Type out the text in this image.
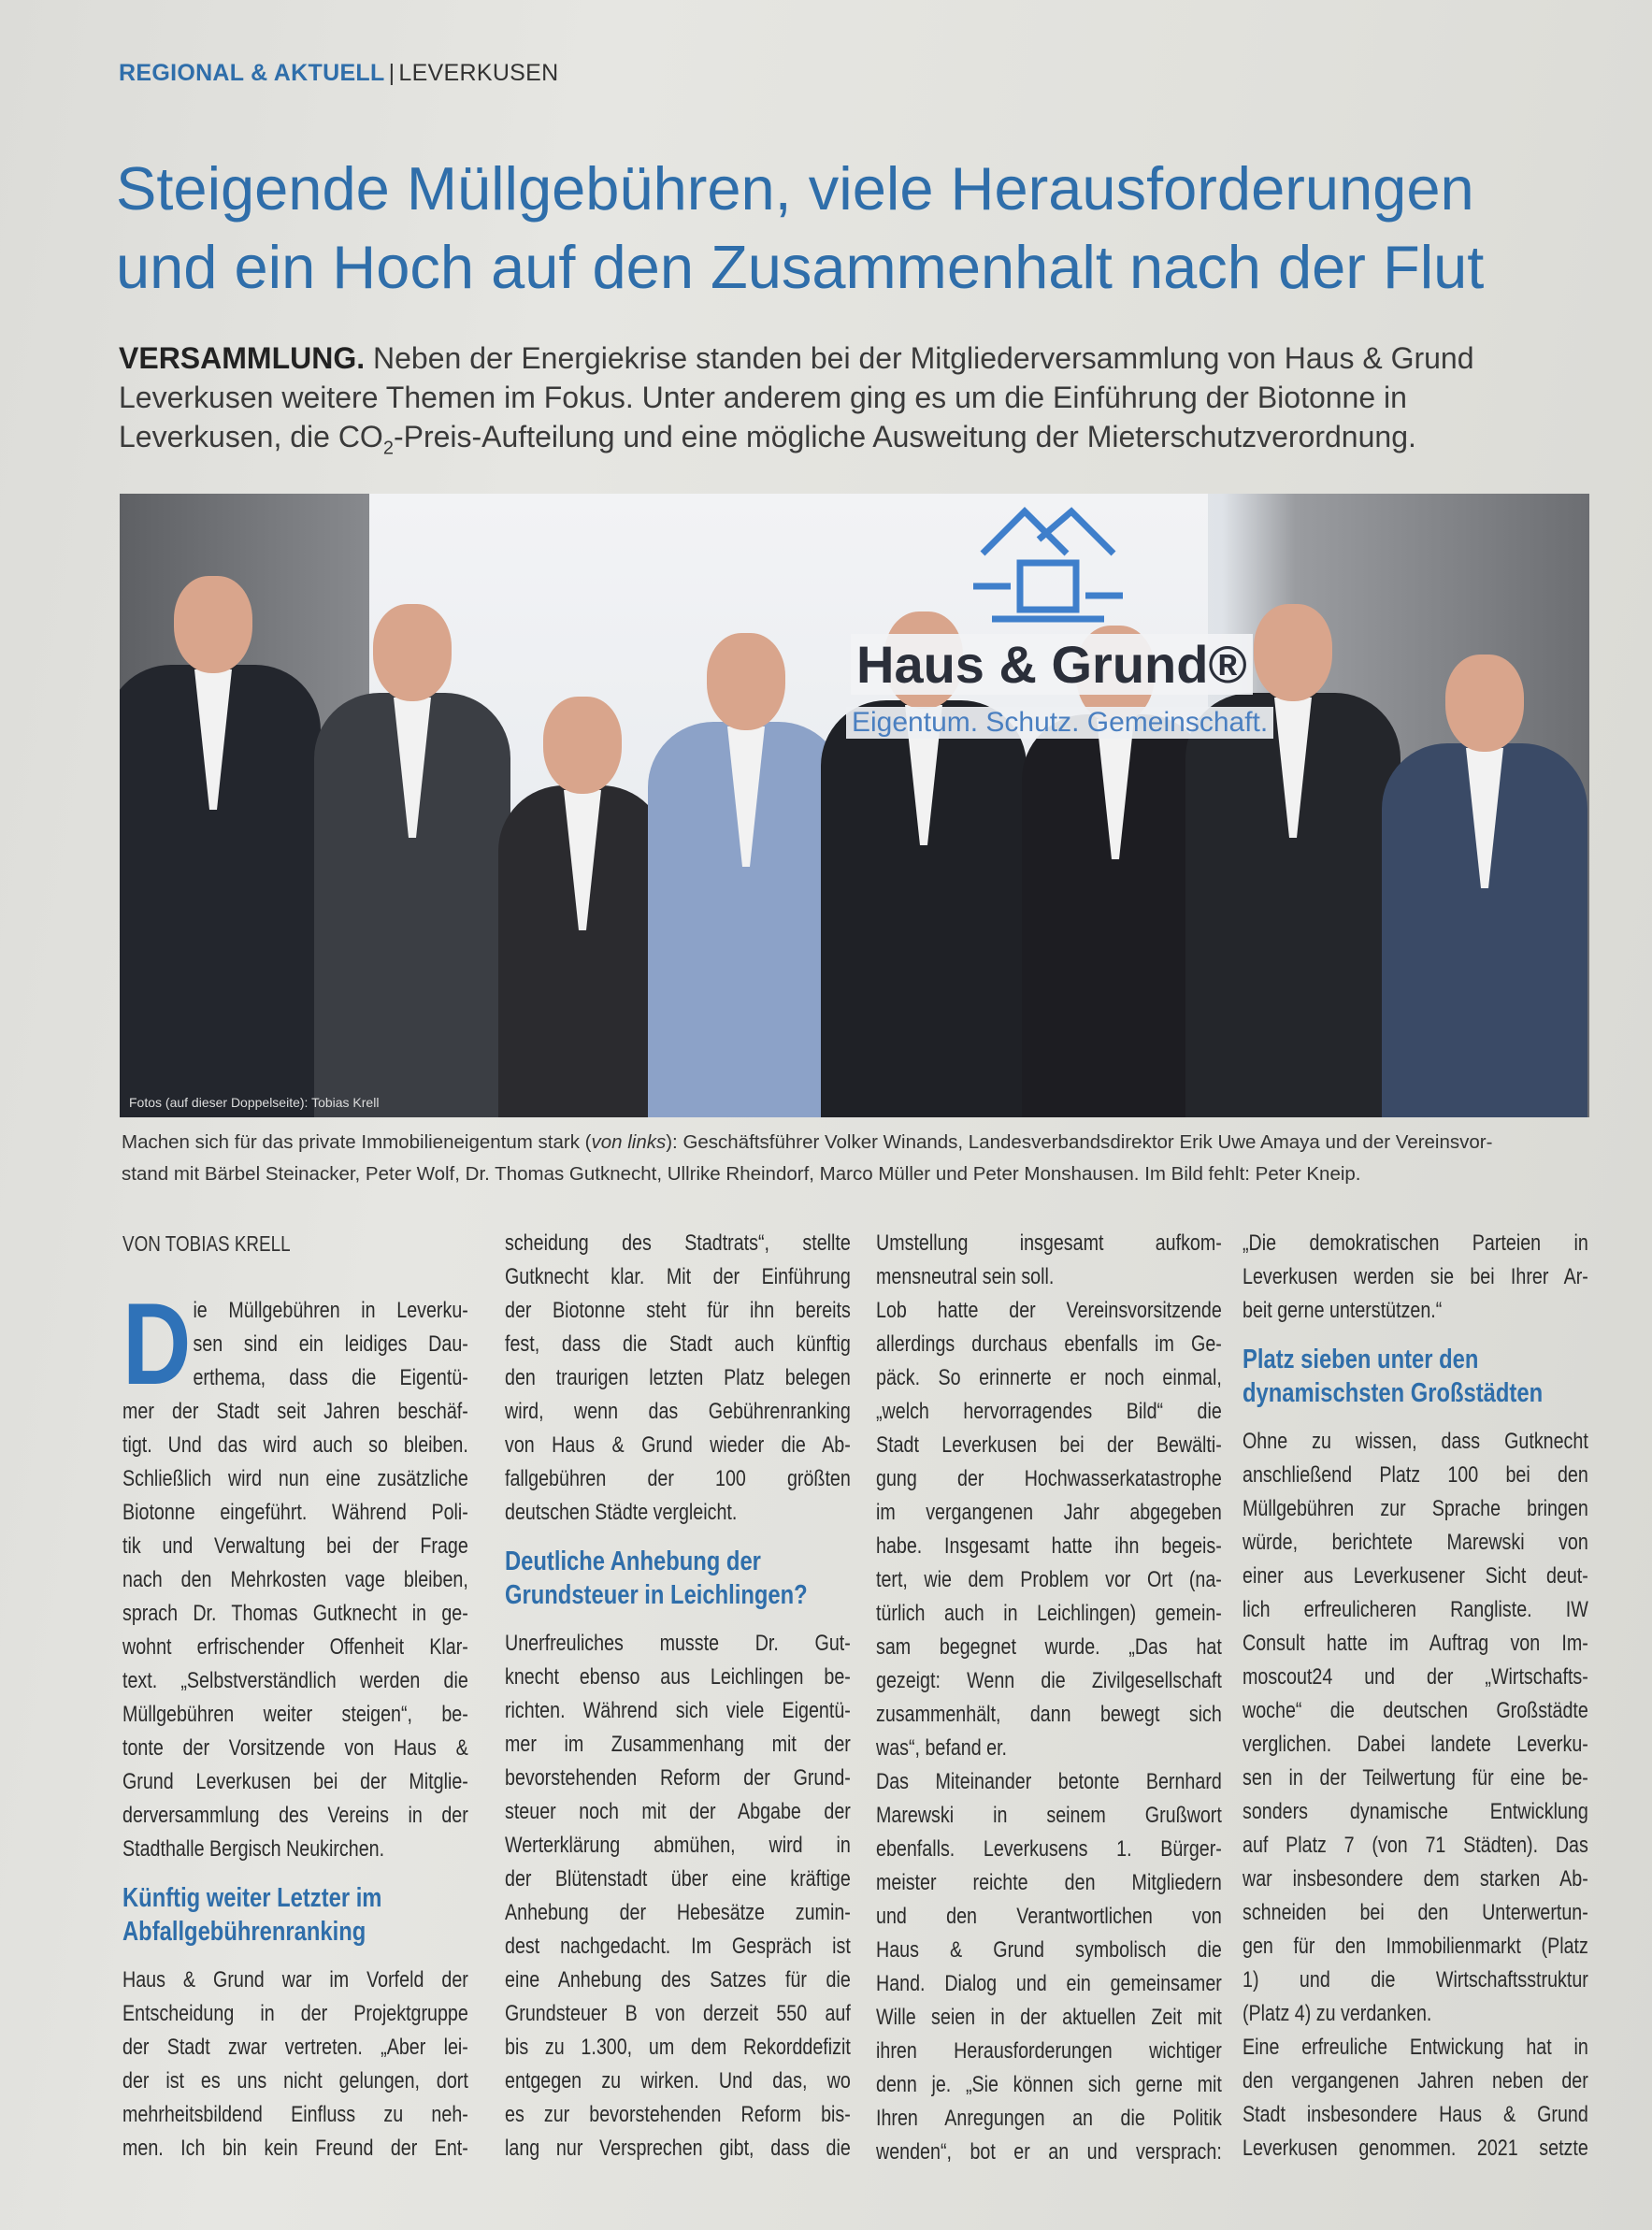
REGIONAL & AKTUELL | LEVERKUSEN
Steigende Müllgebühren, viele Herausforderungen
und ein Hoch auf den Zusammenhalt nach der Flut
VERSAMMLUNG. Neben der Energiekrise standen bei der Mitgliederversammlung von Haus & Grund
Leverkusen weitere Themen im Fokus. Unter anderem ging es um die Einführung der Biotonne in
Leverkusen, die $CO_2-Preis$-Aufteilung und eine mögliche Ausweitung der Mieterschutzverordnung.
Haus & Grund®
Eigentum. Schutz. Gemeinschaft.
Fotos (auf dieser Doppelseite): Tobias Krell
Machen sich für das private Immobilieneigentum stark (von links): Geschäftsführer Volker Winands, Landesverbandsdirektor Erik Uwe Amaya und der Vereinsvor-
stand mit Bärbel Steinacker, Peter Wolf, Dr. Thomas Gutknecht, Ullrike Rheindorf, Marco Müller und Peter Monshausen. Im Bild fehlt: Peter Kneip.
VON TOBIAS KRELL
D ie Müllgebühren in Leverku-
sen sind ein leidiges Dau-
erthema, dass die Eigentü-
mer der Stadt seit Jahren beschäf-
tigt. Und das wird auch so bleiben.
Schließlich wird nun eine zusätzliche
Biotonne eingeführt. Während Poli-
tik und Verwaltung bei der Frage
nach den Mehrkosten vage bleiben,
sprach Dr. Thomas Gutknecht in ge-
wohnt erfrischender Offenheit Klar-
text. „Selbstverständlich werden die
Müllgebühren weiter steigen“, be-
tonte der Vorsitzende von Haus &
Grund Leverkusen bei der Mitglie-
derversammlung des Vereins in der
Stadthalle Bergisch Neukirchen.
Künftig weiter Letzter im
Abfallgebührenranking
Haus & Grund war im Vorfeld der
Entscheidung in der Projektgruppe
der Stadt zwar vertreten. „Aber lei-
der ist es uns nicht gelungen, dort
mehrheitsbildend Einfluss zu neh-
men. Ich bin kein Freund der Ent-
scheidung des Stadtrats“, stellte
Gutknecht klar. Mit der Einführung
der Biotonne steht für ihn bereits
fest, dass die Stadt auch künftig
den traurigen letzten Platz belegen
wird, wenn das Gebührenranking
von Haus & Grund wieder die Ab-
fallgebühren der 100 größten
deutschen Städte vergleicht.
Deutliche Anhebung der
Grundsteuer in Leichlingen?
Unerfreuliches musste Dr. Gut-
knecht ebenso aus Leichlingen be-
richten. Während sich viele Eigentü-
mer im Zusammenhang mit der
bevorstehenden Reform der Grund-
steuer noch mit der Abgabe der
Werterklärung abmühen, wird in
der Blütenstadt über eine kräftige
Anhebung der Hebesätze zumin-
dest nachgedacht. Im Gespräch ist
eine Anhebung des Satzes für die
Grundsteuer B von derzeit 550 auf
bis zu 1.300, um dem Rekorddefizit
entgegen zu wirken. Und das, wo
es zur bevorstehenden Reform bis-
lang nur Versprechen gibt, dass die
Umstellung insgesamt aufkom-
mensneutral sein soll.
Lob hatte der Vereinsvorsitzende
allerdings durchaus ebenfalls im Ge-
päck. So erinnerte er noch einmal,
„welch hervorragendes Bild“ die
Stadt Leverkusen bei der Bewälti-
gung der Hochwasserkatastrophe
im vergangenen Jahr abgegeben
habe. Insgesamt hatte ihn begeis-
tert, wie dem Problem vor Ort (na-
türlich auch in Leichlingen) gemein-
sam begegnet wurde. „Das hat
gezeigt: Wenn die Zivilgesellschaft
zusammenhält, dann bewegt sich
was“, befand er.
Das Miteinander betonte Bernhard
Marewski in seinem Grußwort
ebenfalls. Leverkusens 1. Bürger-
meister reichte den Mitgliedern
und den Verantwortlichen von
Haus & Grund symbolisch die
Hand. Dialog und ein gemeinsamer
Wille seien in der aktuellen Zeit mit
ihren Herausforderungen wichtiger
denn je. „Sie können sich gerne mit
Ihren Anregungen an die Politik
wenden“, bot er an und versprach:
„Die demokratischen Parteien in
Leverkusen werden sie bei Ihrer Ar-
beit gerne unterstützen.“
Platz sieben unter den
dynamischsten Großstädten
Ohne zu wissen, dass Gutknecht
anschließend Platz 100 bei den
Müllgebühren zur Sprache bringen
würde, berichtete Marewski von
einer aus Leverkusener Sicht deut-
lich erfreulicheren Rangliste. IW
Consult hatte im Auftrag von Im-
moscout24 und der „Wirtschafts-
woche“ die deutschen Großstädte
verglichen. Dabei landete Leverku-
sen in der Teilwertung für eine be-
sonders dynamische Entwicklung
auf Platz 7 (von 71 Städten). Das
war insbesondere dem starken Ab-
schneiden bei den Unterwertun-
gen für den Immobilienmarkt (Platz
1) und die Wirtschaftsstruktur
(Platz 4) zu verdanken.
Eine erfreuliche Entwickung hat in
den vergangenen Jahren neben der
Stadt insbesondere Haus & Grund
Leverkusen genommen. 2021 setzte
